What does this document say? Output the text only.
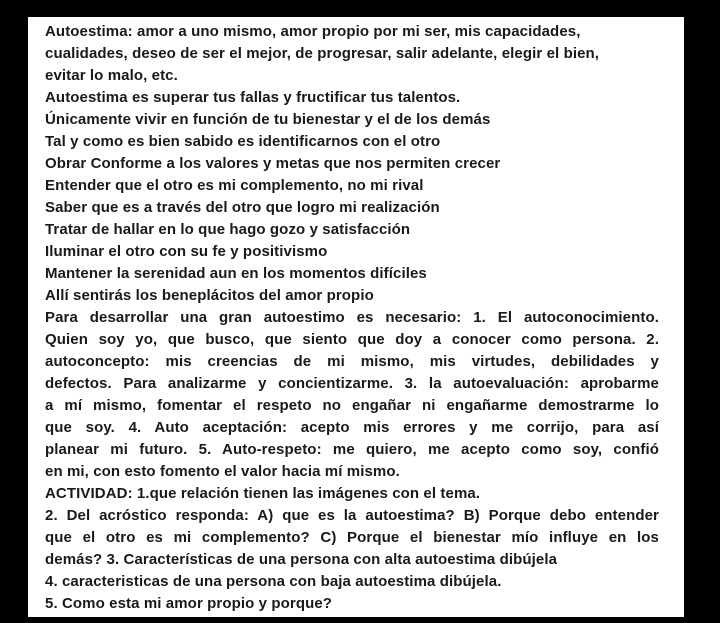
Autoestima: amor a uno mismo, amor propio por mi ser, mis capacidades,
cualidades, deseo de ser el mejor, de progresar, salir adelante, elegir el bien,
evitar lo malo, etc.
Autoestima es superar tus fallas y fructificar tus talentos.
Únicamente vivir en función de tu bienestar y el de los demás
Tal y como es bien sabido es identificarnos con el otro
Obrar Conforme a los valores y metas que nos permiten crecer
Entender que el otro es mi complemento, no mi rival
Saber que es a través del otro que logro mi realización
Tratar de hallar en lo que hago gozo y satisfacción
Iluminar el otro con su fe y positivismo
Mantener la serenidad aun en los momentos difíciles
Allí sentirás los beneplácitos del amor propio
Para desarrollar una gran autoestimo es necesario: 1. El autoconocimiento.
Quien soy yo, que busco, que siento que doy a conocer como persona. 2.
autoconcepto: mis creencias de mi mismo, mis virtudes, debilidades y
defectos. Para analizarme y concientizarme. 3. la autoevaluación: aprobarme
a mí mismo, fomentar el respeto no engañar ni engañarme demostrarme lo
que soy. 4. Auto aceptación: acepto mis errores y me corrijo, para así
planear mi futuro. 5. Auto-respeto: me quiero, me acepto como soy, confió
en mi, con esto fomento el valor hacia mí mismo.
ACTIVIDAD: 1.que relación tienen las imágenes con el tema.
2. Del acróstico responda: A) que es la autoestima? B) Porque debo entender
que el otro es mi complemento? C) Porque el bienestar mío influye en los
demás? 3. Características de una persona con alta autoestima dibújela
4. caracteristicas de una persona con baja autoestima dibújela.
5. Como esta mi amor propio y porque?
